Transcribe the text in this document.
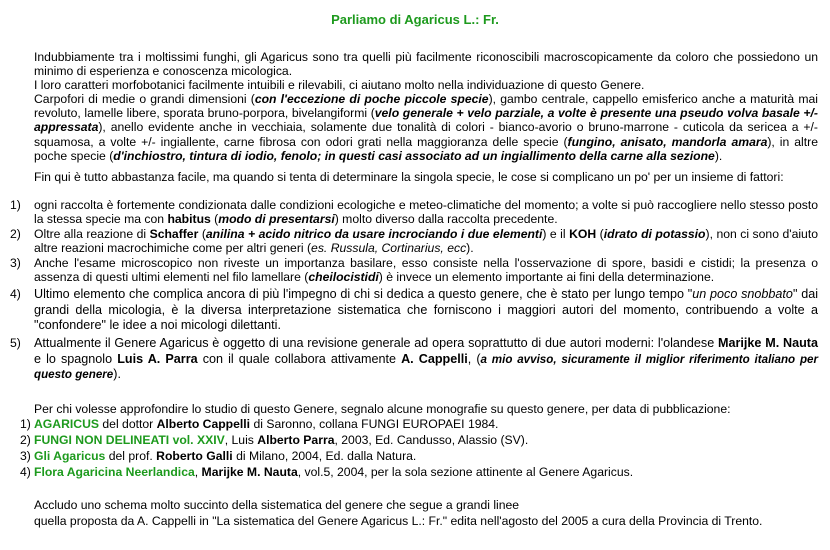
Parliamo di Agaricus L.: Fr.
Indubbiamente tra i moltissimi funghi, gli Agaricus sono tra quelli più facilmente riconoscibili macroscopicamente da coloro che possiedono un minimo di esperienza e conoscenza micologica.
I loro caratteri morfobotanici facilmente intuibili e rilevabili, ci aiutano molto nella individuazione di questo Genere.
Carpofori di medie o grandi dimensioni (con l'eccezione di poche piccole specie), gambo centrale, cappello emisferico anche a maturità mai revoluto, lamelle libere, sporata bruno-porpora, bivelangiformi (velo generale + velo parziale, a volte è presente una pseudo volva basale +/- appressata), anello evidente anche in vecchiaia, solamente due tonalità di colori - bianco-avorio o bruno-marrone - cuticola da sericea a +/- squamosa, a volte +/- ingiallente, carne fibrosa con odori grati nella maggioranza delle specie (fungino, anisato, mandorla amara), in altre poche specie (d'inchiostro, tintura di iodio, fenolo; in questi casi associato ad un ingiallimento della carne alla sezione).
Fin qui è tutto abbastanza facile, ma quando si tenta di determinare la singola specie, le cose si complicano un po' per un insieme di fattori:
1) ogni raccolta è fortemente condizionata dalle condizioni ecologiche e meteo-climatiche del momento; a volte si può raccogliere nello stesso posto la stessa specie ma con habitus (modo di presentarsi) molto diverso dalla raccolta precedente.
2) Oltre alla reazione di Schaffer (anilina + acido nitrico da usare incrociando i due elementi) e il KOH (idrato di potassio), non ci sono d'aiuto altre reazioni macrochimiche come per altri generi (es. Russula, Cortinarius, ecc).
3) Anche l'esame microscopico non riveste un importanza basilare, esso consiste nella l'osservazione di spore, basidi e cistidi; la presenza o assenza di questi ultimi elementi nel filo lamellare (cheilocistidi) è invece un elemento importante ai fini della determinazione.
4) Ultimo elemento che complica ancora di più l'impegno di chi si dedica a questo genere, che è stato per lungo tempo "un poco snobbato" dai grandi della micologia, è la diversa interpretazione sistematica che forniscono i maggiori autori del momento, contribuendo a volte a "confondere" le idee a noi micologi dilettanti.
5) Attualmente il Genere Agaricus è oggetto di una revisione generale ad opera soprattutto di due autori moderni: l'olandese Marijke M. Nauta e lo spagnolo Luis A. Parra con il quale collabora attivamente A. Cappelli, (a mio avviso, sicuramente il miglior riferimento italiano per questo genere).
Per chi volesse approfondire lo studio di questo Genere, segnalo alcune monografie su questo genere, per data di pubblicazione:
1) AGARICUS del dottor Alberto Cappelli di Saronno, collana FUNGI EUROPAEI 1984.
2) FUNGI NON DELINEATI vol. XXIV, Luis Alberto Parra, 2003, Ed. Candusso, Alassio (SV).
3) Gli Agaricus del prof. Roberto Galli di Milano, 2004, Ed. dalla Natura.
4) Flora Agaricina Neerlandica, Marijke M. Nauta, vol.5, 2004, per la sola sezione attinente al Genere Agaricus.
Accludo uno schema molto succinto della sistematica del genere che segue a grandi linee
quella proposta da A. Cappelli in "La sistematica del Genere Agaricus L.: Fr." edita nell'agosto del 2005 a cura della Provincia di Trento.
